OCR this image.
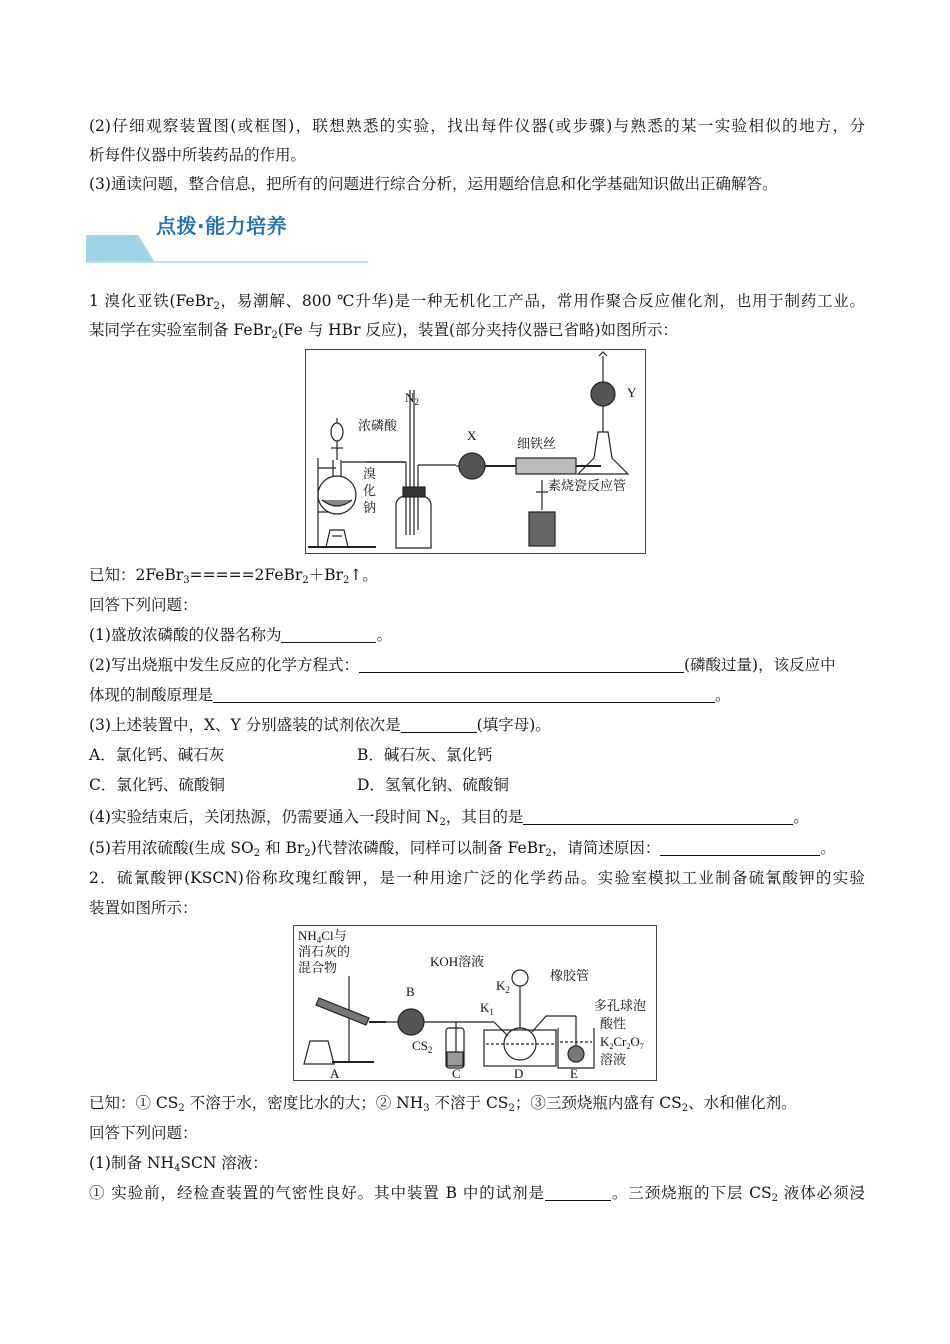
(2)仔细观察装置图(或框图)，联想熟悉的实验，找出每件仪器(或步骤)与熟悉的某一实验相似的地方，分
析每件仪器中所装药品的作用。
(3)通读问题，整合信息，把所有的问题进行综合分析，运用题给信息和化学基础知识做出正确解答。
点拨·能力培养
1 溴化亚铁(FeBr$_2$，易潮解、800 ℃升华)是一种无机化工产品，常用作聚合反应催化剂，也用于制药工业。
某同学在实验室制备 FeBr$_2$(Fe 与 HBr 反应)，装置(部分夹持仪器已省略)如图所示：
浓磷酸
$N_2$
X
细铁丝
Y
素烧瓷反应管
溴
化
钠
已知：$2FeBr_3=====2FeBr_2+Br_2↑$。
回答下列问题：
(1)盛放浓磷酸的仪器名称为	。
(2)写出烧瓶中发生反应的化学方程式：	(磷酸过量)，该反应中
体现的制酸原理是	。
(3)上述装置中，X、Y 分别盛装的试剂依次是	(填字母)。
A．氯化钙、碱石灰	B．碱石灰、氯化钙
C．氯化钙、硫酸铜	D．氢氧化钠、硫酸铜
(4)实验结束后，关闭热源，仍需要通入一段时间 $N_2$，其目的是	。
(5)若用浓硫酸(生成 $SO_2$ 和 $Br_2$)代替浓磷酸，同样可以制备 FeBr$_2$，请简述原因：	。
2．硫氰酸钾(KSCN)俗称玫瑰红酸钾，是一种用途广泛的化学药品。实验室模拟工业制备硫氰酸钾的实验
装置如图所示：
$NH_4Cl$与
消石灰的
混合物
B
KOH溶液
橡胶管
$K_2$
$K_1$
$CS_2$
多孔球泡
酸性
$K_2Cr_2O_7$
溶液
A	C	D	E
已知：① $CS_2$ 不溶于水，密度比水的大；② $NH_3$ 不溶于 $CS_2$；③三颈烧瓶内盛有 $CS_2$、水和催化剂。
回答下列问题：
(1)制备 $NH_4SCN$ 溶液：
① 实验前，经检查装置的气密性良好。其中装置 B 中的试剂是	。三颈烧瓶的下层 $CS_2$ 液体必须浸
